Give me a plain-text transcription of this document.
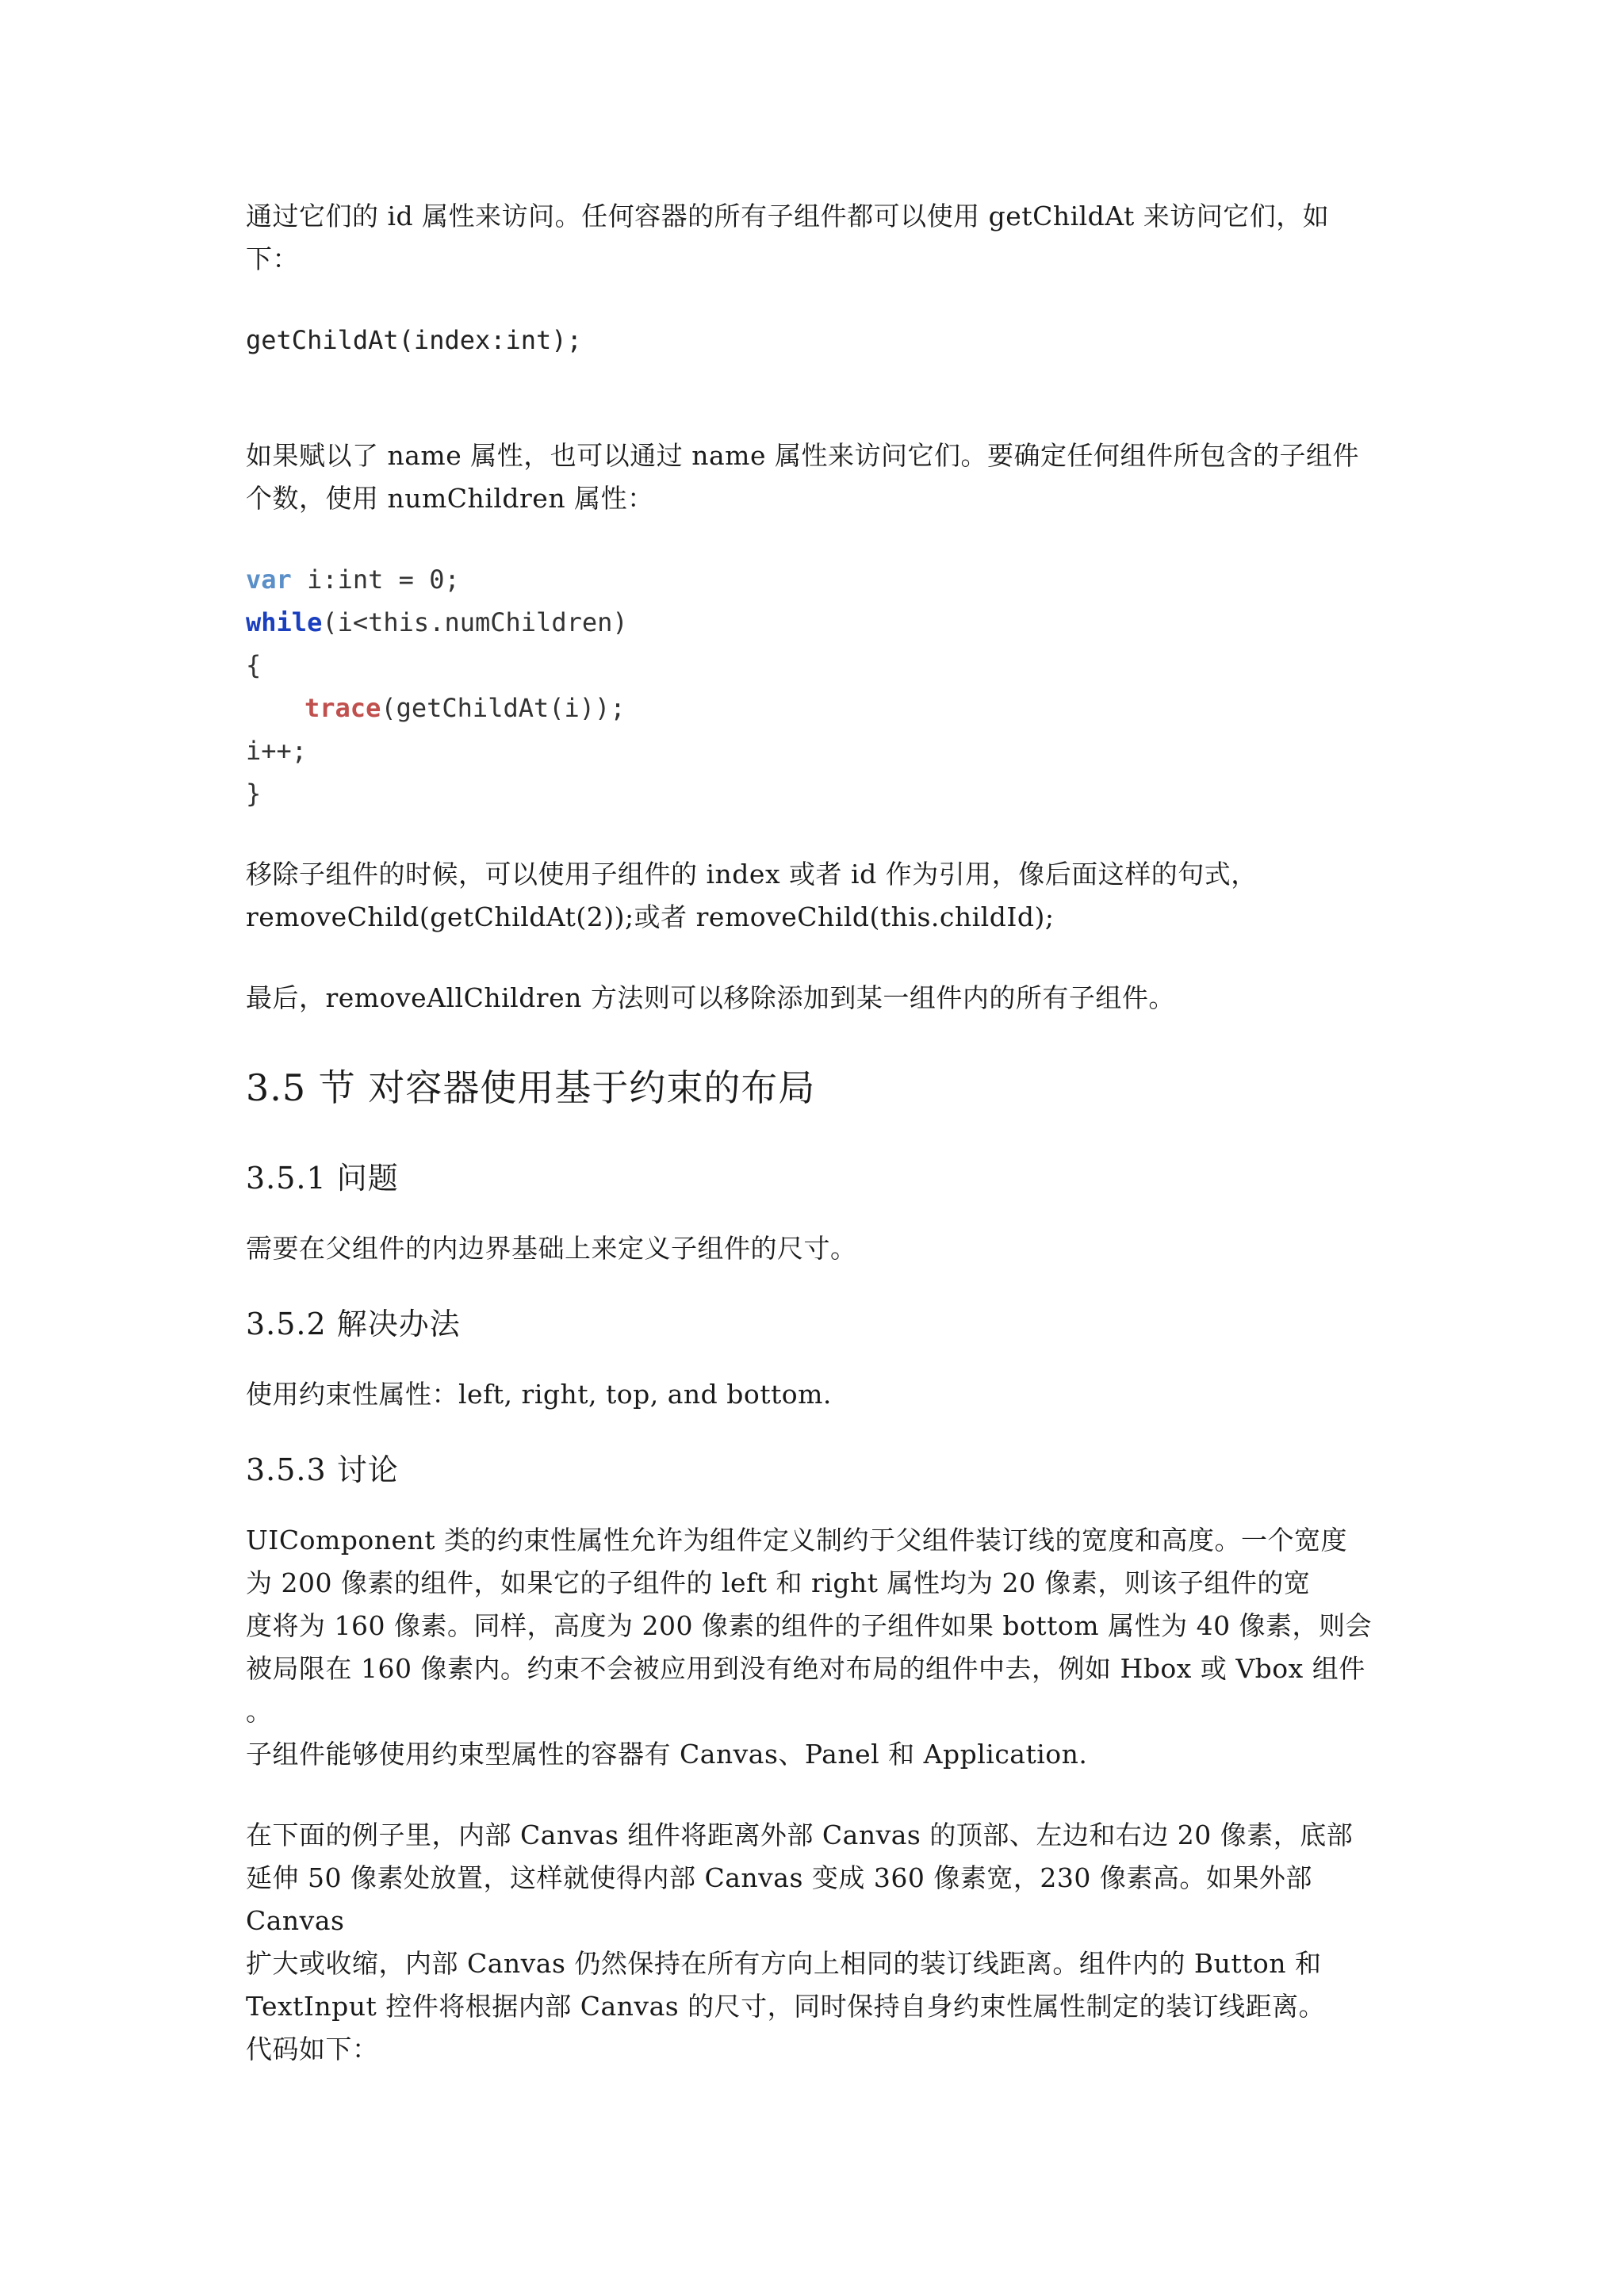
通过它们的 id 属性来访问。任何容器的所有子组件都可以使用 getChildAt 来访问它们，如

下：

getChildAt(index:int);

如果赋以了 name 属性，也可以通过 name 属性来访问它们。要确定任何组件所包含的子组件

个数，使用 numChildren 属性：

var i:int = 0;

while(i<this.numChildren)

{

trace(getChildAt(i));

i++;

}

移除子组件的时候，可以使用子组件的 index 或者 id 作为引用，像后面这样的句式，

removeChild(getChildAt(2));或者 removeChild(this.childId);

最后，removeAllChildren 方法则可以移除添加到某一组件内的所有子组件。

3.5 节 对容器使用基于约束的布局
3.5.1 问题

需要在父组件的内边界基础上来定义子组件的尺寸。

3.5.2 解决办法

使用约束性属性：left, right, top, and bottom.

3.5.3 讨论

UIComponent 类的约束性属性允许为组件定义制约于父组件装订线的宽度和高度。一个宽度

为 200 像素的组件，如果它的子组件的 left 和 right 属性均为 20 像素，则该子组件的宽

度将为 160 像素。同样，高度为 200 像素的组件的子组件如果 bottom 属性为 40 像素，则会

被局限在 160 像素内。约束不会被应用到没有绝对布局的组件中去，例如 Hbox 或 Vbox 组件 。

子组件能够使用约束型属性的容器有 Canvas、Panel 和 Application.

在下面的例子里，内部 Canvas 组件将距离外部 Canvas 的顶部、左边和右边 20 像素，底部

延伸 50 像素处放置，这样就使得内部 Canvas 变成 360 像素宽，230 像素高。如果外部 Canvas

扩大或收缩，内部 Canvas 仍然保持在所有方向上相同的装订线距离。组件内的 Button 和

TextInput 控件将根据内部 Canvas 的尺寸，同时保持自身约束性属性制定的装订线距离。

代码如下：
